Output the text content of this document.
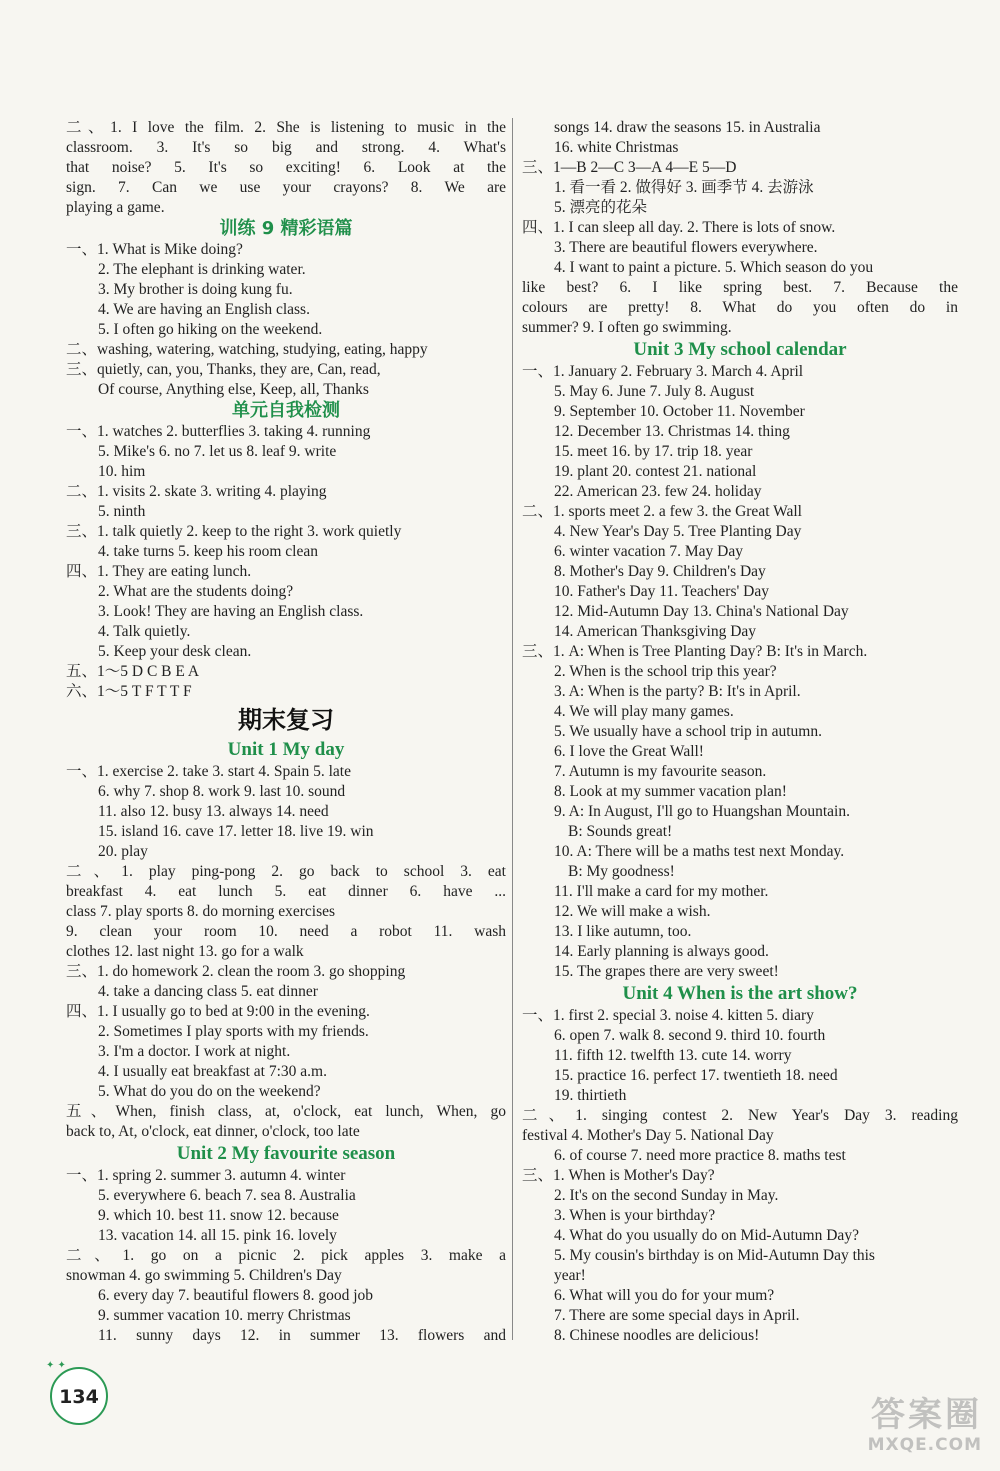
二、1. I love the film. 2. She is listening to music in the
classroom. 3. It's so big and strong. 4. What's
that noise? 5. It's so exciting! 6. Look at the
sign. 7. Can we use your crayons? 8. We are
playing a game.
训练 9 精彩语篇
一、1. What is Mike doing?
2. The elephant is drinking water.
3. My brother is doing kung fu.
4. We are having an English class.
5. I often go hiking on the weekend.
二、washing, watering, watching, studying, eating, happy
三、quietly, can, you, Thanks, they are, Can, read,
Of course, Anything else, Keep, all, Thanks
单元自我检测
一、1. watches 2. butterflies 3. taking 4. running
5. Mike's 6. no 7. let us 8. leaf 9. write
10. him
二、1. visits 2. skate 3. writing 4. playing
5. ninth
三、1. talk quietly 2. keep to the right 3. work quietly
4. take turns 5. keep his room clean
四、1. They are eating lunch.
2. What are the students doing?
3. Look! They are having an English class.
4. Talk quietly.
5. Keep your desk clean.
五、1～5 D C B E A
六、1～5 T F T T F
期末复习
Unit 1 My day
一、1. exercise 2. take 3. start 4. Spain 5. late
6. why 7. shop 8. work 9. last 10. sound
11. also 12. busy 13. always 14. need
15. island 16. cave 17. letter 18. live 19. win
20. play
二、1. play ping-pong 2. go back to school 3. eat
breakfast 4. eat lunch 5. eat dinner 6. have ...
class 7. play sports 8. do morning exercises
9. clean your room 10. need a robot 11. wash
clothes 12. last night 13. go for a walk
三、1. do homework 2. clean the room 3. go shopping
4. take a dancing class 5. eat dinner
四、1. I usually go to bed at 9:00 in the evening.
2. Sometimes I play sports with my friends.
3. I'm a doctor. I work at night.
4. I usually eat breakfast at 7:30 a.m.
5. What do you do on the weekend?
五、When, finish class, at, o'clock, eat lunch, When, go
back to, At, o'clock, eat dinner, o'clock, too late
Unit 2 My favourite season
一、1. spring 2. summer 3. autumn 4. winter
5. everywhere 6. beach 7. sea 8. Australia
9. which 10. best 11. snow 12. because
13. vacation 14. all 15. pink 16. lovely
二、1. go on a picnic 2. pick apples 3. make a
snowman 4. go swimming 5. Children's Day
6. every day 7. beautiful flowers 8. good job
9. summer vacation 10. merry Christmas
11. sunny days 12. in summer 13. flowers and
songs 14. draw the seasons 15. in Australia
16. white Christmas
三、1—B 2—C 3—A 4—E 5—D
1. 看一看 2. 做得好 3. 画季节 4. 去游泳
5. 漂亮的花朵
四、1. I can sleep all day. 2. There is lots of snow.
3. There are beautiful flowers everywhere.
4. I want to paint a picture. 5. Which season do you
like best? 6. I like spring best. 7. Because the
colours are pretty! 8. What do you often do in
summer? 9. I often go swimming.
Unit 3 My school calendar
一、1. January 2. February 3. March 4. April
5. May 6. June 7. July 8. August
9. September 10. October 11. November
12. December 13. Christmas 14. thing
15. meet 16. by 17. trip 18. year
19. plant 20. contest 21. national
22. American 23. few 24. holiday
二、1. sports meet 2. a few 3. the Great Wall
4. New Year's Day 5. Tree Planting Day
6. winter vacation 7. May Day
8. Mother's Day 9. Children's Day
10. Father's Day 11. Teachers' Day
12. Mid-Autumn Day 13. China's National Day
14. American Thanksgiving Day
三、1. A: When is Tree Planting Day? B: It's in March.
2. When is the school trip this year?
3. A: When is the party? B: It's in April.
4. We will play many games.
5. We usually have a school trip in autumn.
6. I love the Great Wall!
7. Autumn is my favourite season.
8. Look at my summer vacation plan!
9. A: In August, I'll go to Huangshan Mountain.
B: Sounds great!
10. A: There will be a maths test next Monday.
B: My goodness!
11. I'll make a card for my mother.
12. We will make a wish.
13. I like autumn, too.
14. Early planning is always good.
15. The grapes there are very sweet!
Unit 4 When is the art show?
一、1. first 2. special 3. noise 4. kitten 5. diary
6. open 7. walk 8. second 9. third 10. fourth
11. fifth 12. twelfth 13. cute 14. worry
15. practice 16. perfect 17. twentieth 18. need
19. thirtieth
二、1. singing contest 2. New Year's Day 3. reading
festival 4. Mother's Day 5. National Day
6. of course 7. need more practice 8. maths test
三、1. When is Mother's Day?
2. It's on the second Sunday in May.
3. When is your birthday?
4. What do you usually do on Mid-Autumn Day?
5. My cousin's birthday is on Mid-Autumn Day this
year!
6. What will you do for your mum?
7. There are some special days in April.
8. Chinese noodles are delicious!
✦ ✦
134	答案圈
MXQE.COM
